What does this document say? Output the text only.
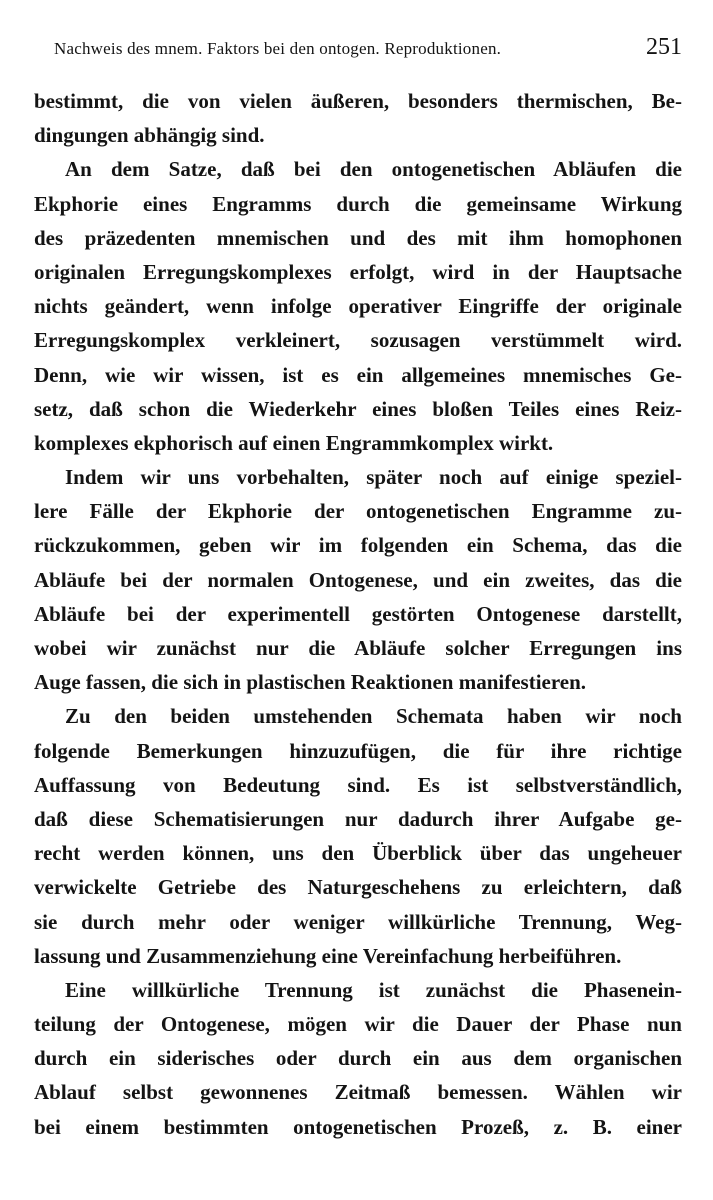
Nachweis des mnem. Faktors bei den ontogen. Reproduktionen.	251
bestimmt, die von vielen äußeren, besonders thermischen, Be-
dingungen abhängig sind.
An dem Satze, daß bei den ontogenetischen Abläufen die
Ekphorie eines Engramms durch die gemeinsame Wirkung
des präzedenten mnemischen und des mit ihm homophonen
originalen Erregungskomplexes erfolgt, wird in der Hauptsache
nichts geändert, wenn infolge operativer Eingriffe der originale
Erregungskomplex verkleinert, sozusagen verstümmelt wird.
Denn, wie wir wissen, ist es ein allgemeines mnemisches Ge-
setz, daß schon die Wiederkehr eines bloßen Teiles eines Reiz-
komplexes ekphorisch auf einen Engrammkomplex wirkt.
Indem wir uns vorbehalten, später noch auf einige speziel-
lere Fälle der Ekphorie der ontogenetischen Engramme zu-
rückzukommen, geben wir im folgenden ein Schema, das die
Abläufe bei der normalen Ontogenese, und ein zweites, das die
Abläufe bei der experimentell gestörten Ontogenese darstellt,
wobei wir zunächst nur die Abläufe solcher Erregungen ins
Auge fassen, die sich in plastischen Reaktionen manifestieren.
Zu den beiden umstehenden Schemata haben wir noch
folgende Bemerkungen hinzuzufügen, die für ihre richtige
Auffassung von Bedeutung sind. Es ist selbstverständlich,
daß diese Schematisierungen nur dadurch ihrer Aufgabe ge-
recht werden können, uns den Überblick über das ungeheuer
verwickelte Getriebe des Naturgeschehens zu erleichtern, daß
sie durch mehr oder weniger willkürliche Trennung, Weg-
lassung und Zusammenziehung eine Vereinfachung herbeiführen.
Eine willkürliche Trennung ist zunächst die Phasenein-
teilung der Ontogenese, mögen wir die Dauer der Phase nun
durch ein siderisches oder durch ein aus dem organischen
Ablauf selbst gewonnenes Zeitmaß bemessen. Wählen wir
bei einem bestimmten ontogenetischen Prozeß, z. B. einer
